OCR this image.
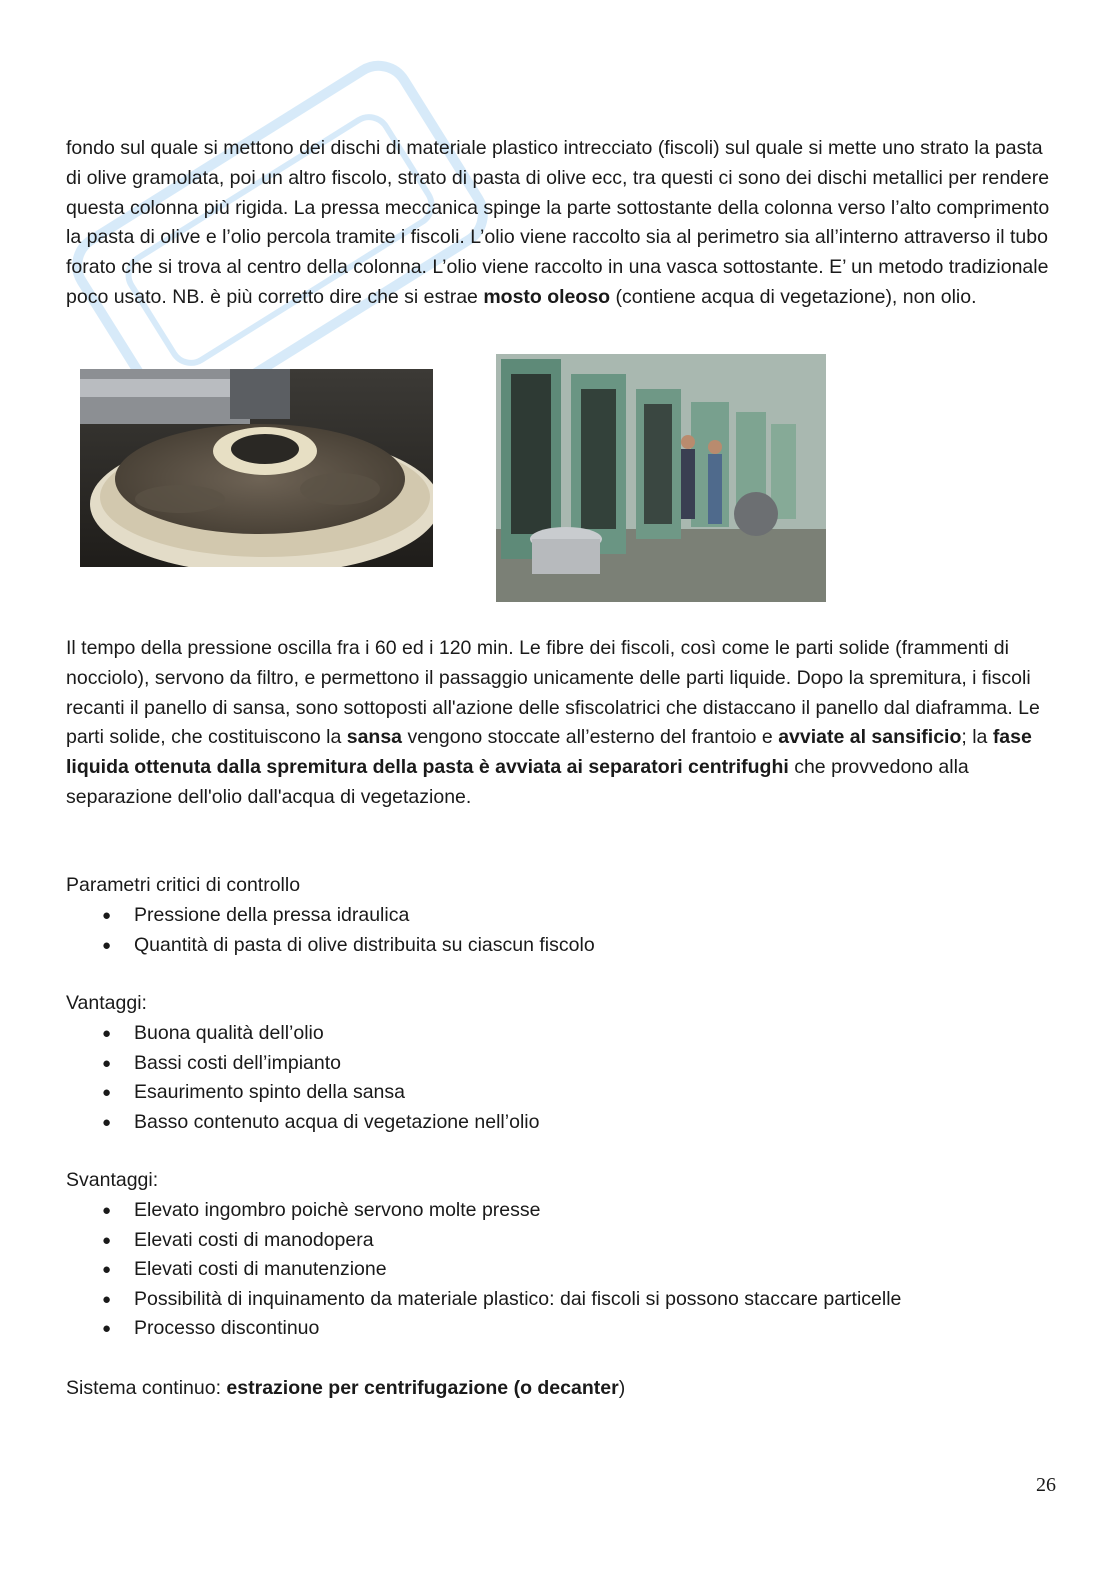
fondo sul quale si mettono dei dischi di materiale plastico intrecciato (fiscoli) sul quale si mette uno strato la pasta di olive gramolata, poi un altro fiscolo, strato di pasta di olive ecc, tra questi ci sono dei dischi metallici per rendere questa colonna più rigida. La pressa meccanica spinge la parte sottostante della colonna verso l’alto comprimento la pasta di olive e l’olio percola tramite i fiscoli. L’olio viene raccolto sia al perimetro sia all’interno attraverso il tubo forato che si trova al centro della colonna. L’olio viene raccolto in una vasca sottostante. E’ un metodo tradizionale poco usato. NB. è più corretto dire che si estrae mosto oleoso (contiene acqua di vegetazione), non olio.

Il tempo della pressione oscilla fra i 60 ed i 120 min. Le fibre dei fiscoli, così come le parti solide (frammenti di nocciolo), servono da filtro, e permettono il passaggio unicamente delle parti liquide. Dopo la spremitura, i fiscoli recanti il panello di sansa, sono sottoposti all'azione delle sfiscolatrici che distaccano il panello dal diaframma. Le parti solide, che costituiscono la sansa vengono stoccate all’esterno del frantoio e avviate al sansificio; la fase liquida ottenuta dalla spremitura della pasta è avviata ai separatori centrifughi che provvedono alla separazione dell'olio dall'acqua di vegetazione.

Parametri critici di controllo

● Pressione della pressa idraulica
● Quantità di pasta di olive distribuita su ciascun fiscolo

Vantaggi:

● Buona qualità dell’olio
● Bassi costi dell’impianto
● Esaurimento spinto della sansa
● Basso contenuto acqua di vegetazione nell’olio

Svantaggi:

● Elevato ingombro poichè servono molte presse
● Elevati costi di manodopera
● Elevati costi di manutenzione
● Possibilità di inquinamento da materiale plastico: dai fiscoli si possono staccare particelle
● Processo discontinuo

Sistema continuo: estrazione per centrifugazione (o decanter)

26
